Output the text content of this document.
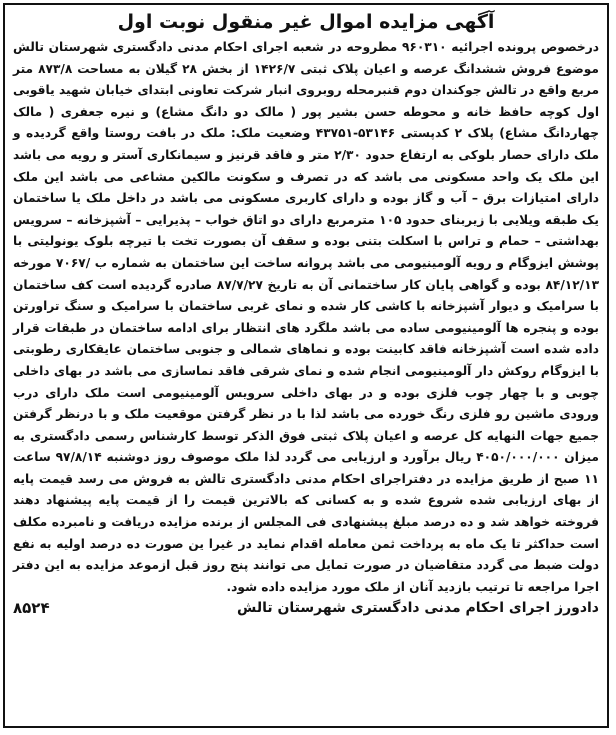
آگهی مزایده اموال غیر منقول نوبت اول

درخصوص پرونده اجرائیه ۹۶۰۳۱۰ مطروحه در شعبه اجرای احکام مدنی دادگستری شهرستان تالش موضوع فروش ششدانگ عرصه و اعیان پلاک ثبتی ۱۴۲۶/۷ از بخش ۲۸ گیلان به مساحت ۸۷۳/۸ متر مربع واقع در تالش جوکندان دوم قنبرمحله روبروی انبار شرکت تعاونی ابتدای خیابان شهید یاقوبی اول کوچه حافظ خانه و محوطه حسن بشیر پور ( مالک دو دانگ مشاع) و نیره جعفری ( مالک چهاردانگ مشاع) پلاک ۲ کدپستی ۵۳۱۴۶-۴۳۷۵۱ وضعیت ملک: ملک در بافت روستا واقع گردیده و ملک دارای حصار بلوکی به ارتفاع حدود ۲/۳۰ متر و فاقد قرنیز و سیمانکاری آستر و رویه می باشد این ملک یک واحد مسکونی می باشد که در تصرف و سکونت مالکین مشاعی می باشد این ملک دارای امتیازات برق – آب و گاز بوده و دارای کاربری مسکونی می باشد در داخل ملک یا ساختمان یک طبقه ویلایی با زیربنای حدود ۱۰۵ مترمربع دارای دو اتاق خواب – پذیرایی – آشپزخانه – سرویس بهداشتی – حمام و تراس با اسکلت بتنی بوده و سقف آن بصورت تخت با تیرچه بلوک یونولیتی با پوشش ایزوگام و رویه آلومینیومی می باشد پروانه ساخت این ساختمان به شماره ب /۷۰۶۷ مورخه ۸۴/۱۲/۱۳ بوده و گواهی پایان کار ساختمانی آن به تاریخ ۸۷/۷/۲۷ صادره گردیده است کف ساختمان با سرامیک و دیوار آشپزخانه با کاشی کار شده و نمای غربی ساختمان با سرامیک و سنگ تراورتن بوده و پنجره ها آلومینیومی ساده می باشد ملگرد های انتظار برای ادامه ساختمان در طبقات قرار داده شده است آشپزخانه فاقد کابینت بوده و نماهای شمالی و جنوبی ساختمان عایقکاری رطوبتی با ایزوگام روکش دار آلومینیومی انجام شده و نمای شرقی فاقد نماسازی می باشد در بهای داخلی چوبی و با چهار چوب فلزی بوده و در بهای داخلی سرویس آلومینیومی است ملک دارای درب ورودی ماشین رو فلزی رنگ خورده می باشد لذا با در نظر گرفتن موقعیت ملک و با درنظر گرفتن جمیع جهات النهایه کل عرصه و اعیان پلاک ثبتی فوق الذکر توسط کارشناس رسمی دادگستری به میزان ۴۰۵۰/۰۰۰/۰۰۰ ریال برآورد و ارزیابی می گردد لذا ملک موصوف روز دوشنبه ۹۷/۸/۱۴ ساعت ۱۱ صبح از طریق مزایده در دفتراجرای احکام مدنی دادگستری تالش به فروش می رسد قیمت پایه از بهای ارزیابی شده شروع شده و به کسانی که بالاترین قیمت را از قیمت پایه پیشنهاد دهند فروخته خواهد شد و ده درصد مبلغ پیشنهادی فی المجلس از برنده مزایده دریافت و نامبرده مکلف است حداکثر تا یک ماه به پرداخت ثمن معامله اقدام نماید در غیرا ین صورت ده درصد اولیه به نفع دولت ضبط می گردد متقاضیان در صورت تمایل می توانند پنج روز قبل ازموعد مزایده به این دفتر اجرا مراجعه تا ترتیب بازدید آنان از ملک مورد مزایده داده شود.

دادورز اجرای احکام مدنی دادگستری شهرستان تالش
۸۵۲۴
